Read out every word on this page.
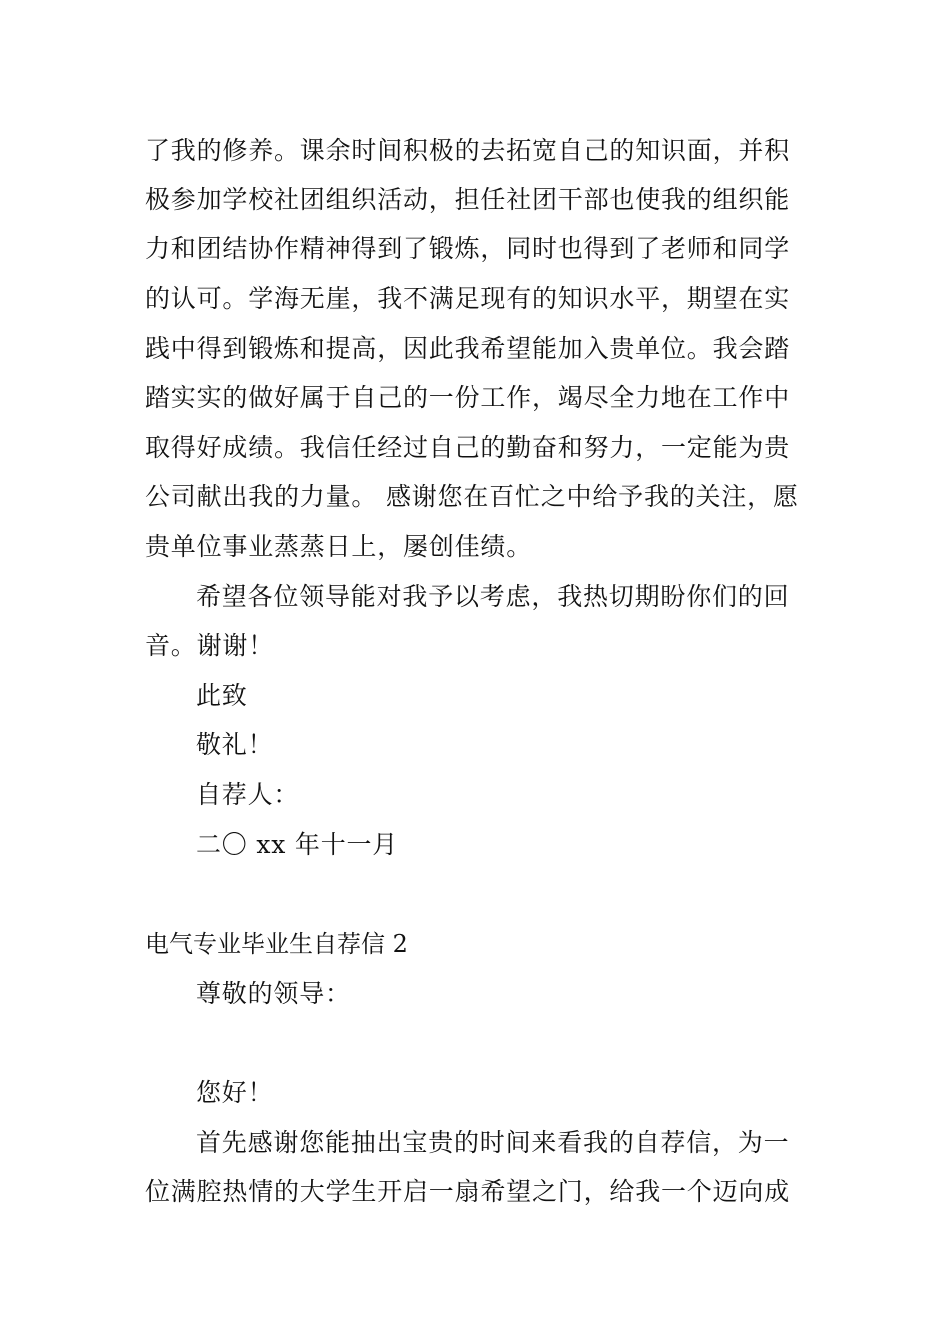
了我的修养。课余时间积极的去拓宽自己的知识面，并积
极参加学校社团组织活动，担任社团干部也使我的组织能
力和团结协作精神得到了锻炼，同时也得到了老师和同学
的认可。学海无崖，我不满足现有的知识水平，期望在实
践中得到锻炼和提高，因此我希望能加入贵单位。我会踏
踏实实的做好属于自己的一份工作，竭尽全力地在工作中
取得好成绩。我信任经过自己的勤奋和努力，一定能为贵
公司献出我的力量。 感谢您在百忙之中给予我的关注，愿
贵单位事业蒸蒸日上，屡创佳绩。
希望各位领导能对我予以考虑，我热切期盼你们的回
音。谢谢！
此致
敬礼！
自荐人：
二〇 xx 年十一月
电气专业毕业生自荐信 2
尊敬的领导：
您好！
首先感谢您能抽出宝贵的时间来看我的自荐信，为一
位满腔热情的大学生开启一扇希望之门，给我一个迈向成
